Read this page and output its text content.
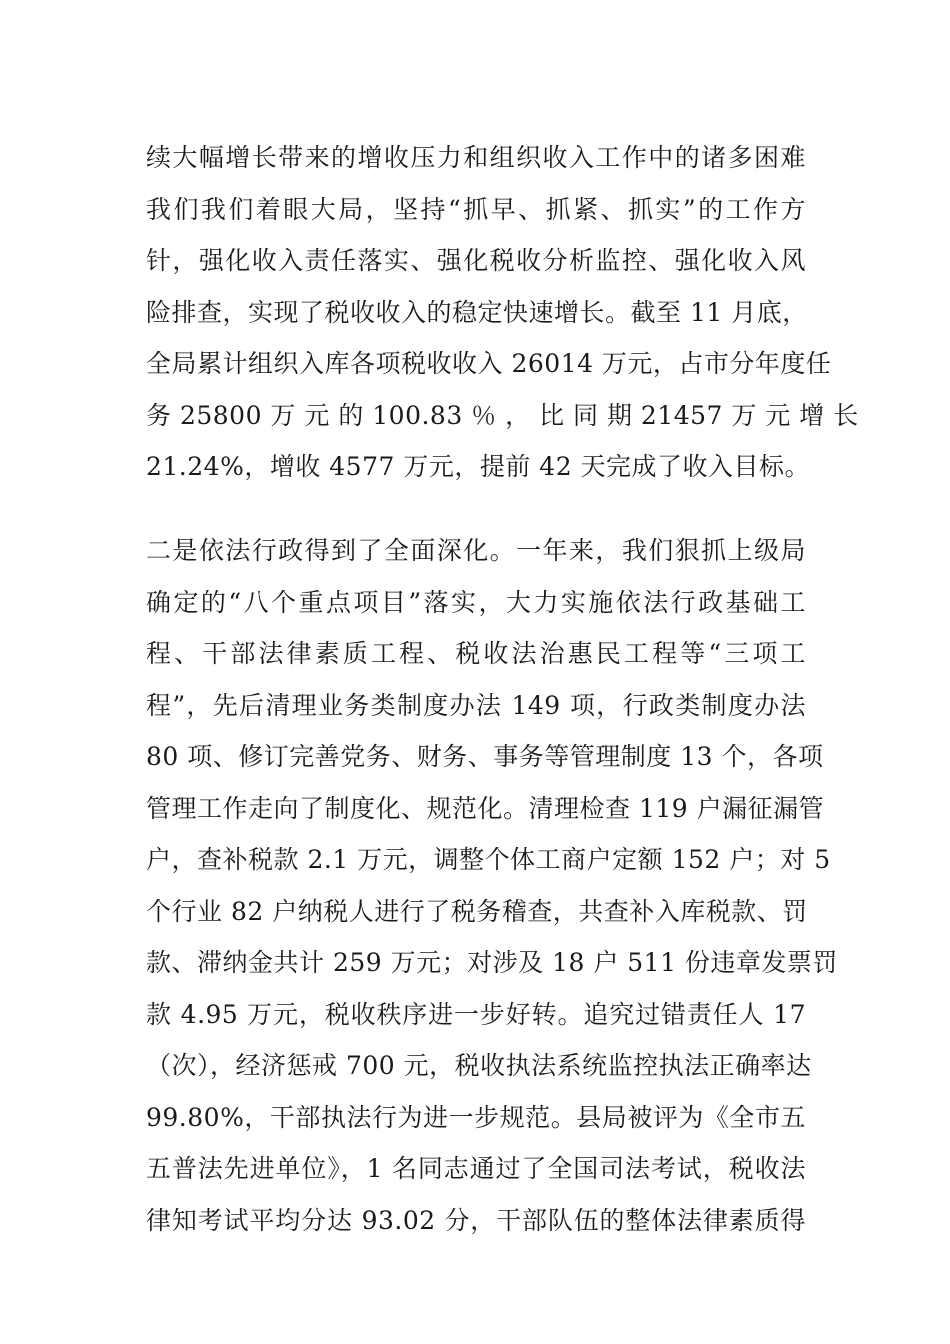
续大幅增长带来的增收压力和组织收入工作中的诸多困难
我们我们着眼大局，坚持“抓早、抓紧、抓实”的工作方
针，强化收入责任落实、强化税收分析监控、强化收入风
险排查，实现了税收收入的稳定快速增长。截至 11 月底，
全局累计组织入库各项税收收入 26014 万元，占市分年度任
务 25800 万 元 的 100.83 ％ ， 比 同 期 21457 万 元 增 长
21.24%，增收 4577 万元，提前 42 天完成了收入目标。
二是依法行政得到了全面深化。一年来，我们狠抓上级局
确定的“八个重点项目”落实，大力实施依法行政基础工
程、干部法律素质工程、税收法治惠民工程等“三项工
程”，先后清理业务类制度办法 149 项，行政类制度办法
80 项、修订完善党务、财务、事务等管理制度 13 个，各项
管理工作走向了制度化、规范化。清理检查 119 户漏征漏管
户，查补税款 2.1 万元，调整个体工商户定额 152 户；对 5
个行业 82 户纳税人进行了税务稽查，共查补入库税款、罚
款、滞纳金共计 259 万元；对涉及 18 户 511 份违章发票罚
款 4.95 万元，税收秩序进一步好转。追究过错责任人 17
（次），经济惩戒 700 元，税收执法系统监控执法正确率达
99.80%，干部执法行为进一步规范。县局被评为《全市五
五普法先进单位》，1 名同志通过了全国司法考试，税收法
律知考试平均分达 93.02 分，干部队伍的整体法律素质得
